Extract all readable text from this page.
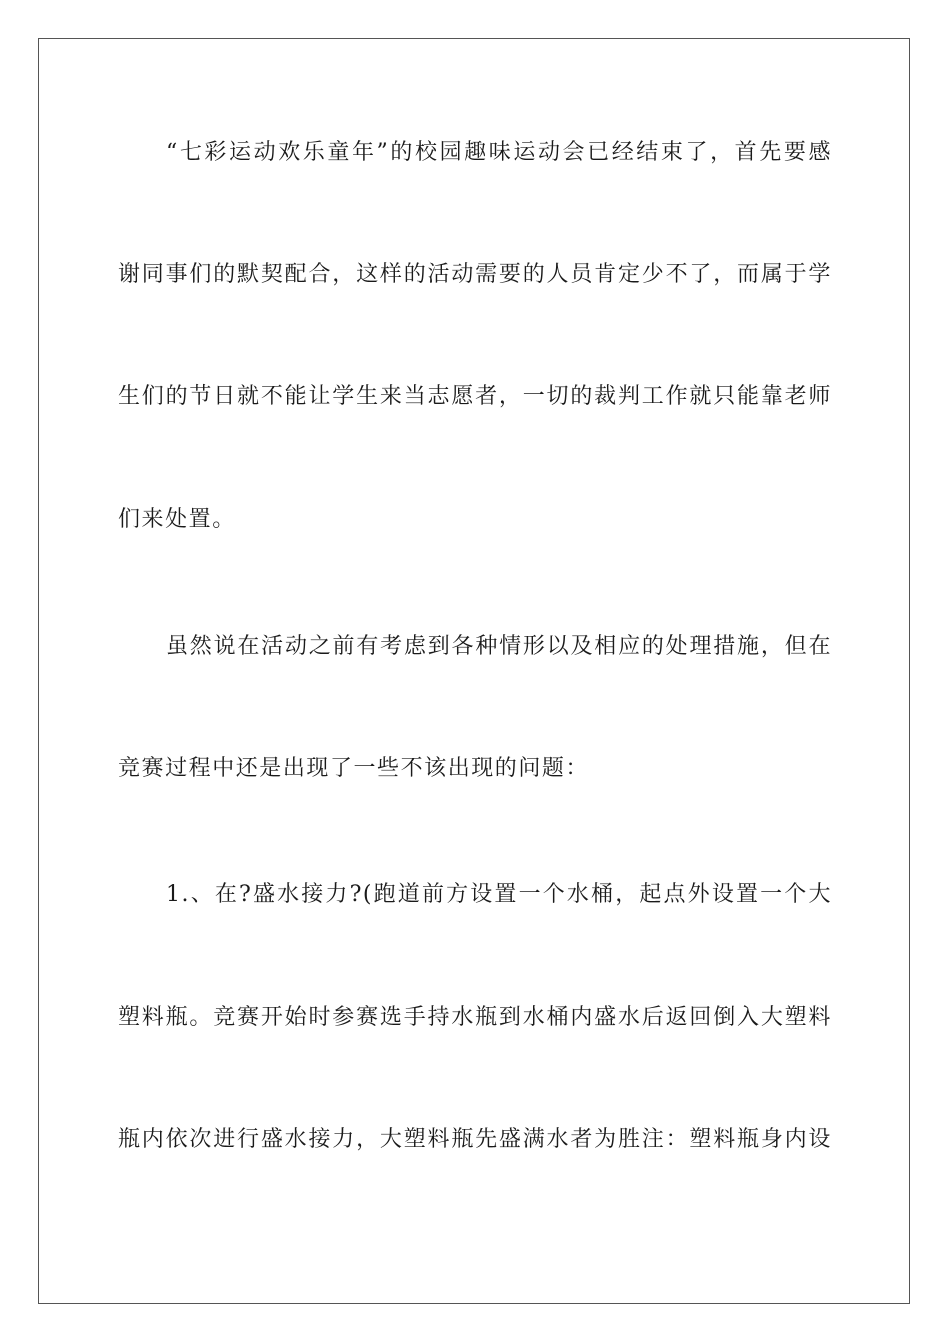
“七彩运动欢乐童年”的校园趣味运动会已经结束了，首先要感
谢同事们的默契配合，这样的活动需要的人员肯定少不了，而属于学
生们的节日就不能让学生来当志愿者，一切的裁判工作就只能靠老师
们来处置。
虽然说在活动之前有考虑到各种情形以及相应的处理措施，但在
竞赛过程中还是出现了一些不该出现的问题：
1.、在?盛水接力?(跑道前方设置一个水桶，起点外设置一个大
塑料瓶。竞赛开始时参赛选手持水瓶到水桶内盛水后返回倒入大塑料
瓶内依次进行盛水接力，大塑料瓶先盛满水者为胜注：塑料瓶身内设
